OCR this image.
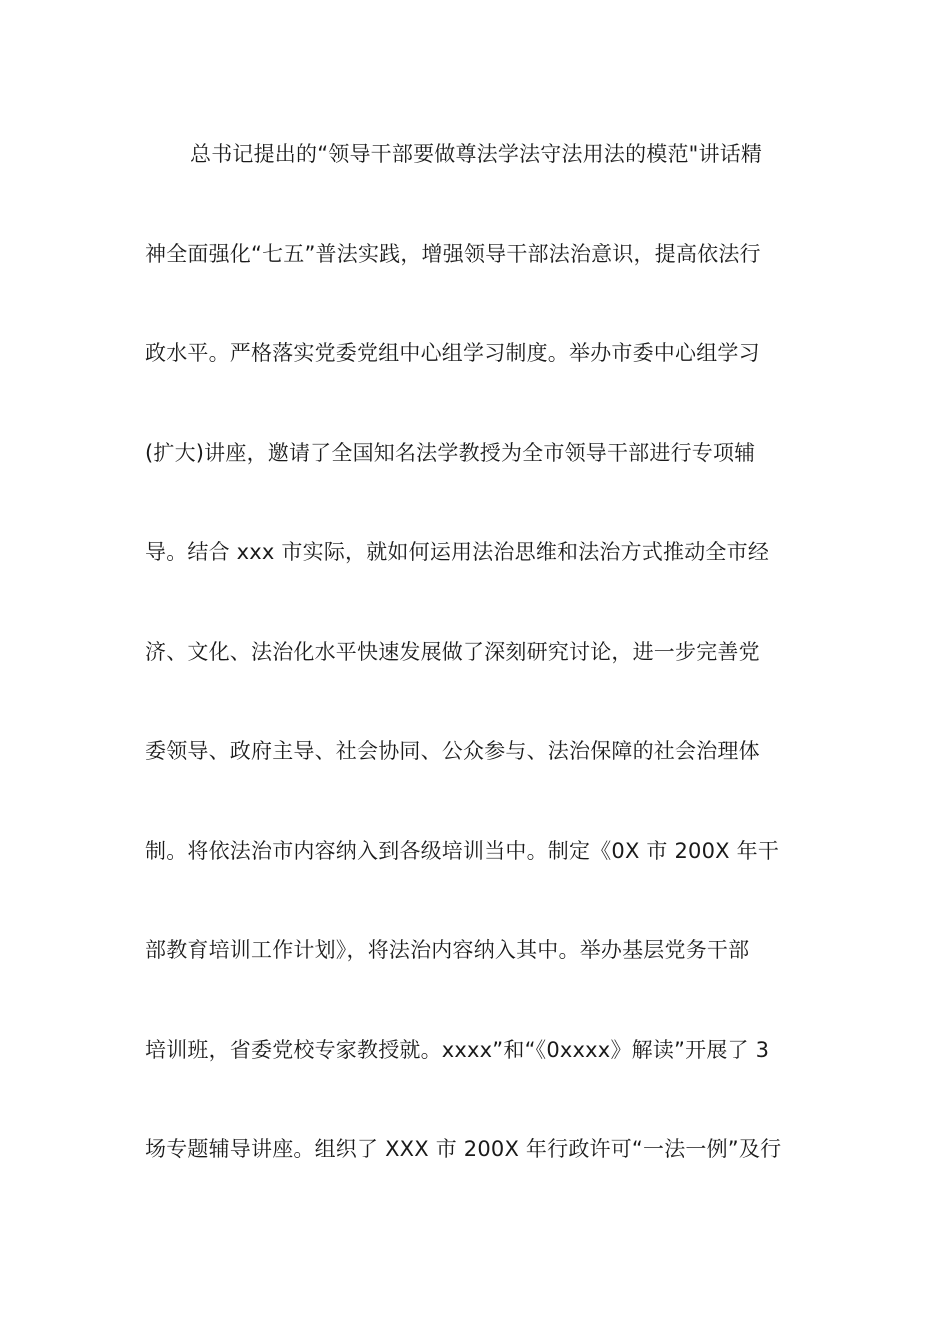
总书记提出的“领导干部要做尊法学法守法用法的模范"讲话精
神全面强化“七五”普法实践，增强领导干部法治意识，提高依法行
政水平。严格落实党委党组中心组学习制度。举办市委中心组学习
(扩大)讲座，邀请了全国知名法学教授为全市领导干部进行专项辅
导。结合 xxx 市实际，就如何运用法治思维和法治方式推动全市经
济、文化、法治化水平快速发展做了深刻研究讨论，进一步完善党
委领导、政府主导、社会协同、公众参与、法治保障的社会治理体
制。将依法治市内容纳入到各级培训当中。制定《0X 市 200X 年干
部教育培训工作计划》，将法治内容纳入其中。举办基层党务干部
培训班，省委党校专家教授就。xxxx”和“《0xxxx》解读”开展了 3
场专题辅导讲座。组织了 XXX 市 200X 年行政许可“一法一例”及行
